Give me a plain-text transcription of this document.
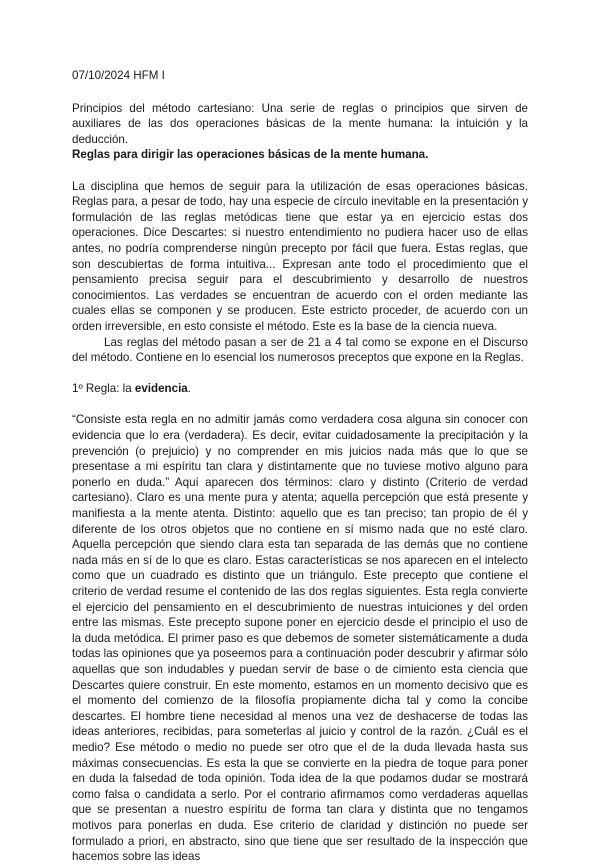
07/10/2024 HFM I

Principios del método cartesiano: Una serie de reglas o principios que sirven de auxiliares de las dos operaciones básicas de la mente humana: la intuición y la deducción.

Reglas para dirigir las operaciones básicas de la mente humana.

La disciplina que hemos de seguir para la utilización de esas operaciones básicas. Reglas para, a pesar de todo, hay una especie de círculo inevitable en la presentación y formulación de las reglas metódicas tiene que estar ya en ejercicio estas dos operaciones. Dice Descartes: si nuestro entendimiento no pudiera hacer uso de ellas antes, no podría comprenderse ningún precepto por fácil que fuera. Estas reglas, que son descubiertas de forma intuitiva... Expresan ante todo el procedimiento que el pensamiento precisa seguir para el descubrimiento y desarrollo de nuestros conocimientos. Las verdades se encuentran de acuerdo con el orden mediante las cuales ellas se componen y se producen. Este estricto proceder, de acuerdo con un orden irreversible, en esto consiste el método. Este es la base de la ciencia nueva.

Las reglas del método pasan a ser de 21 a 4 tal como se expone en el Discurso del método. Contiene en lo esencial los numerosos preceptos que expone en la Reglas.

1º Regla: la evidencia.

“Consiste esta regla en no admitir jamás como verdadera cosa alguna sin conocer con evidencia que lo era (verdadera). Es decir, evitar cuidadosamente la precipitación y la prevención (o prejuicio) y no comprender en mis juicios nada más que lo que se presentase a mi espíritu tan clara y distintamente que no tuviese motivo alguno para ponerlo en duda.” Aquí aparecen dos términos: claro y distinto (Criterio de verdad cartesiano). Claro es una mente pura y atenta; aquella percepción que está presente y manifiesta a la mente atenta. Distinto: aquello que es tan preciso; tan propio de él y diferente de los otros objetos que no contiene en sí mismo nada que no esté claro. Aquella percepción que siendo clara esta tan separada de las demás que no contiene nada más en sí de lo que es claro. Estas características se nos aparecen en el intelecto como que un cuadrado es distinto que un triángulo. Este precepto que contiene el criterio de verdad resume el contenido de las dos reglas siguientes. Esta regla convierte el ejercicio del pensamiento en el descubrimiento de nuestras intuiciones y del orden entre las mismas. Este precepto supone poner en ejercicio desde el principio el uso de la duda metódica. El primer paso es que debemos de someter sistemáticamente a duda todas las opiniones que ya poseemos para a continuación poder descubrir y afirmar sólo aquellas que son indudables y puedan servir de base o de cimiento esta ciencia que Descartes quiere construir. En este momento, estamos en un momento decisivo que es el momento del comienzo de la filosofía propiamente dicha tal y como la concibe descartes. El hombre tiene necesidad al menos una vez de deshacerse de todas las ideas anteriores, recibidas, para someterlas al juicio y control de la razón. ¿Cuál es el medio? Ese método o medio no puede ser otro que el de la duda llevada hasta sus máximas consecuencias. Es esta la que se convierte en la piedra de toque para poner en duda la falsedad de toda opinión. Toda idea de la que podamos dudar se mostrará como falsa o candidata a serlo. Por el contrario afirmamos como verdaderas aquellas que se presentan a nuestro espíritu de forma tan clara y distinta que no tengamos motivos para ponerlas en duda. Ese criterio de claridad y distinción no puede ser formulado a priori, en abstracto, sino que tiene que ser resultado de la inspección que hacemos sobre las ideas
